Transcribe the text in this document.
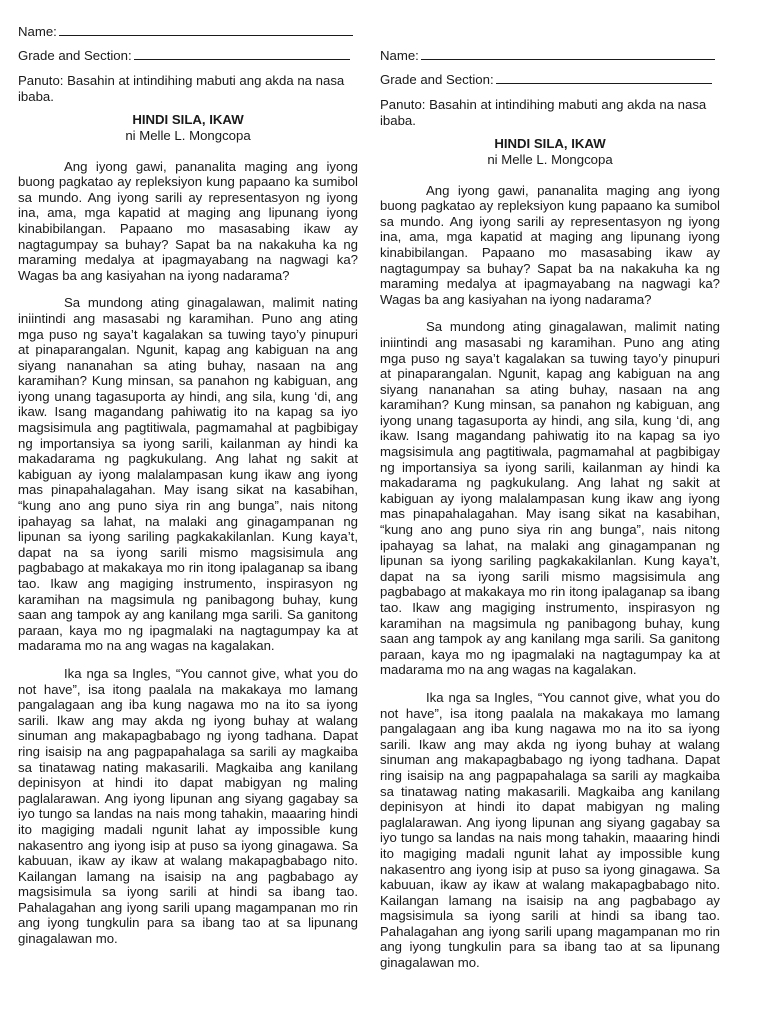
Name:
Grade and Section:

Panuto: Basahin at intindihing mabuti ang akda na nasa ibaba.

HINDI SILA, IKAW

ni Melle L. Mongcopa

Ang iyong gawi, pananalita maging ang iyong buong pagkatao ay repleksiyon kung papaano ka sumibol sa mundo. Ang iyong sarili ay representasyon ng iyong ina, ama, mga kapatid at maging ang lipunang iyong kinabibilangan. Papaano mo masasabing ikaw ay nagtagumpay sa buhay? Sapat ba na nakakuha ka ng maraming medalya at ipagmayabang na nagwagi ka? Wagas ba ang kasiyahan na iyong nadarama?

Sa mundong ating ginagalawan, malimit nating iniintindi ang masasabi ng karamihan. Puno ang ating mga puso ng saya’t kagalakan sa tuwing tayo’y pinupuri at pinaparangalan. Ngunit, kapag ang kabiguan na ang siyang nananahan sa ating buhay, nasaan na ang karamihan? Kung minsan, sa panahon ng kabiguan, ang iyong unang tagasuporta ay hindi, ang sila, kung ‘di, ang ikaw. Isang magandang pahiwatig ito na kapag sa iyo magsisimula ang pagtitiwala, pagmamahal at pagbibigay ng importansiya sa iyong sarili, kailanman ay hindi ka makadarama ng pagkukulang. Ang lahat ng sakit at kabiguan ay iyong malalampasan kung ikaw ang iyong mas pinapahalagahan. May isang sikat na kasabihan, “kung ano ang puno siya rin ang bunga”, nais nitong ipahayag sa lahat, na malaki ang ginagampanan ng lipunan sa iyong sariling pagkakakilanlan. Kung kaya’t, dapat na sa iyong sarili mismo magsisimula ang pagbabago at makakaya mo rin itong ipalaganap sa ibang tao. Ikaw ang magiging instrumento, inspirasyon ng karamihan na magsimula ng panibagong buhay, kung saan ang tampok ay ang kanilang mga sarili. Sa ganitong paraan, kaya mo ng ipagmalaki na nagtagumpay ka at madarama mo na ang wagas na kagalakan.

Ika nga sa Ingles, “You cannot give, what you do not have”, isa itong paalala na makakaya mo lamang pangalagaan ang iba kung nagawa mo na ito sa iyong sarili. Ikaw ang may akda ng iyong buhay at walang sinuman ang makapagbabago ng iyong tadhana. Dapat ring isaisip na ang pagpapahalaga sa sarili ay magkaiba sa tinatawag nating makasarili. Magkaiba ang kanilang depinisyon at hindi ito dapat mabigyan ng maling paglalarawan. Ang iyong lipunan ang siyang gagabay sa iyo tungo sa landas na nais mong tahakin, maaaring hindi ito magiging madali ngunit lahat ay impossible kung nakasentro ang iyong isip at puso sa iyong ginagawa. Sa kabuuan, ikaw ay ikaw at walang makapagbabago nito. Kailangan lamang na isaisip na ang pagbabago ay magsisimula sa iyong sarili at hindi sa ibang tao. Pahalagahan ang iyong sarili upang magampanan mo rin ang iyong tungkulin para sa ibang tao at sa lipunang ginagalawan mo.

Name:
Grade and Section:

Panuto: Basahin at intindihing mabuti ang akda na nasa ibaba.

HINDI SILA, IKAW

ni Melle L. Mongcopa

Ang iyong gawi, pananalita maging ang iyong buong pagkatao ay repleksiyon kung papaano ka sumibol sa mundo. Ang iyong sarili ay representasyon ng iyong ina, ama, mga kapatid at maging ang lipunang iyong kinabibilangan. Papaano mo masasabing ikaw ay nagtagumpay sa buhay? Sapat ba na nakakuha ka ng maraming medalya at ipagmayabang na nagwagi ka? Wagas ba ang kasiyahan na iyong nadarama?

Sa mundong ating ginagalawan, malimit nating iniintindi ang masasabi ng karamihan. Puno ang ating mga puso ng saya’t kagalakan sa tuwing tayo’y pinupuri at pinaparangalan. Ngunit, kapag ang kabiguan na ang siyang nananahan sa ating buhay, nasaan na ang karamihan? Kung minsan, sa panahon ng kabiguan, ang iyong unang tagasuporta ay hindi, ang sila, kung ‘di, ang ikaw. Isang magandang pahiwatig ito na kapag sa iyo magsisimula ang pagtitiwala, pagmamahal at pagbibigay ng importansiya sa iyong sarili, kailanman ay hindi ka makadarama ng pagkukulang. Ang lahat ng sakit at kabiguan ay iyong malalampasan kung ikaw ang iyong mas pinapahalagahan. May isang sikat na kasabihan, “kung ano ang puno siya rin ang bunga”, nais nitong ipahayag sa lahat, na malaki ang ginagampanan ng lipunan sa iyong sariling pagkakakilanlan. Kung kaya’t, dapat na sa iyong sarili mismo magsisimula ang pagbabago at makakaya mo rin itong ipalaganap sa ibang tao. Ikaw ang magiging instrumento, inspirasyon ng karamihan na magsimula ng panibagong buhay, kung saan ang tampok ay ang kanilang mga sarili. Sa ganitong paraan, kaya mo ng ipagmalaki na nagtagumpay ka at madarama mo na ang wagas na kagalakan.

Ika nga sa Ingles, “You cannot give, what you do not have”, isa itong paalala na makakaya mo lamang pangalagaan ang iba kung nagawa mo na ito sa iyong sarili. Ikaw ang may akda ng iyong buhay at walang sinuman ang makapagbabago ng iyong tadhana. Dapat ring isaisip na ang pagpapahalaga sa sarili ay magkaiba sa tinatawag nating makasarili. Magkaiba ang kanilang depinisyon at hindi ito dapat mabigyan ng maling paglalarawan. Ang iyong lipunan ang siyang gagabay sa iyo tungo sa landas na nais mong tahakin, maaaring hindi ito magiging madali ngunit lahat ay impossible kung nakasentro ang iyong isip at puso sa iyong ginagawa. Sa kabuuan, ikaw ay ikaw at walang makapagbabago nito. Kailangan lamang na isaisip na ang pagbabago ay magsisimula sa iyong sarili at hindi sa ibang tao. Pahalagahan ang iyong sarili upang magampanan mo rin ang iyong tungkulin para sa ibang tao at sa lipunang ginagalawan mo.
